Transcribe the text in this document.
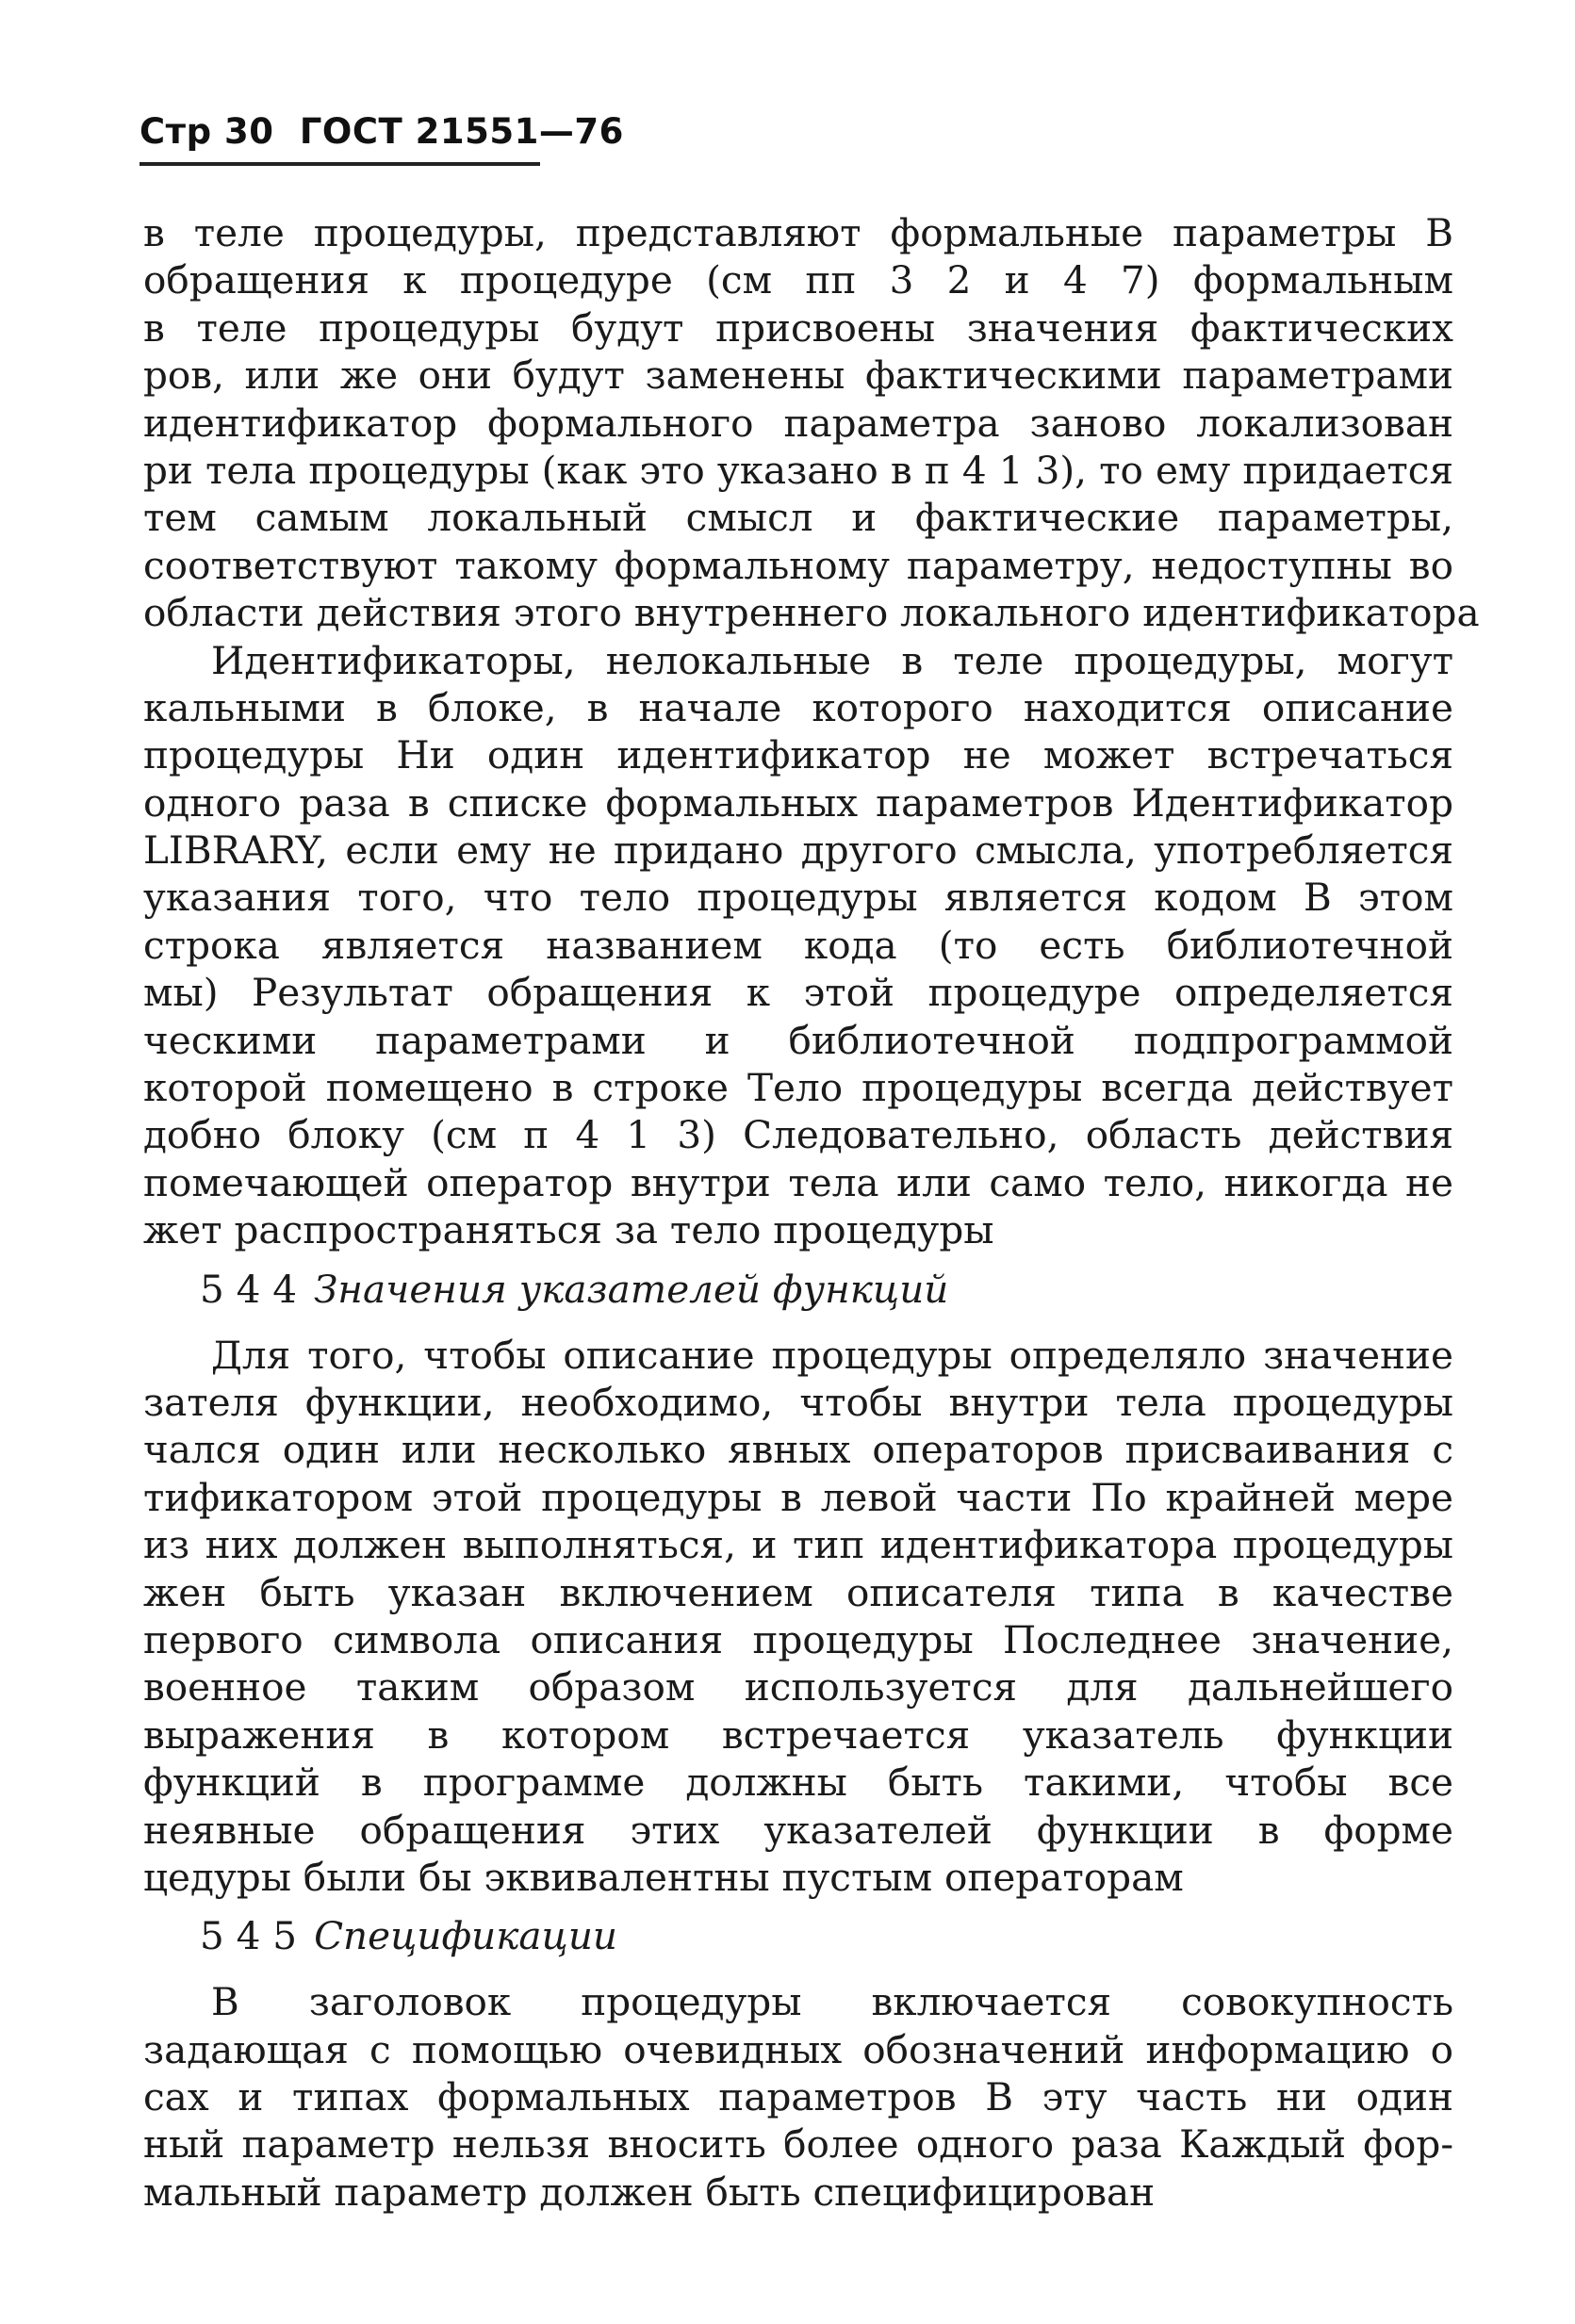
Стр 30 ГОСТ 21551—76
в теле процедуры, представляют формальные параметры В
обращения к процедуре (см пп 3 2 и 4 7) формальным
в теле процедуры будут присвоены значения фактических
ров, или же они будут заменены фактическими параметрами
идентификатор формального параметра заново локализован
ри тела процедуры (как это указано в п 4 1 3), то ему придается
тем самым локальный смысл и фактические параметры,
соответствуют такому формальному параметру, недоступны во
области действия этого внутреннего локального идентификатора
Идентификаторы, нелокальные в теле процедуры, могут
кальными в блоке, в начале которого находится описание
процедуры Ни один идентификатор не может встречаться
одного раза в списке формальных параметров Идентификатор
LIBRARY, если ему не придано другого смысла, употребляется
указания того, что тело процедуры является кодом В этом
строка является названием кода (то есть библиотечной
мы) Результат обращения к этой процедуре определяется
ческими параметрами и библиотечной подпрограммой
которой помещено в строке Тело процедуры всегда действует
добно блоку (см п 4 1 3) Следовательно, область действия
помечающей оператор внутри тела или само тело, никогда не
жет распространяться за тело процедуры
5 4 4 Значения указателей функций
Для того, чтобы описание процедуры определяло значение
зателя функции, необходимо, чтобы внутри тела процедуры
чался один или несколько явных операторов присваивания с
тификатором этой процедуры в левой части По крайней мере
из них должен выполняться, и тип идентификатора процедуры
жен быть указан включением описателя типа в качестве
первого символа описания процедуры Последнее значение,
военное таким образом используется для дальнейшего
выражения в котором встречается указатель функции
функций в программе должны быть такими, чтобы все
неявные обращения этих указателей функции в форме
цедуры были бы эквивалентны пустым операторам
5 4 5 Спецификации
В заголовок процедуры включается совокупность
задающая с помощью очевидных обозначений информацию о
сах и типах формальных параметров В эту часть ни один
ный параметр нельзя вносить более одного раза Каждый фор-
мальный параметр должен быть специфицирован
